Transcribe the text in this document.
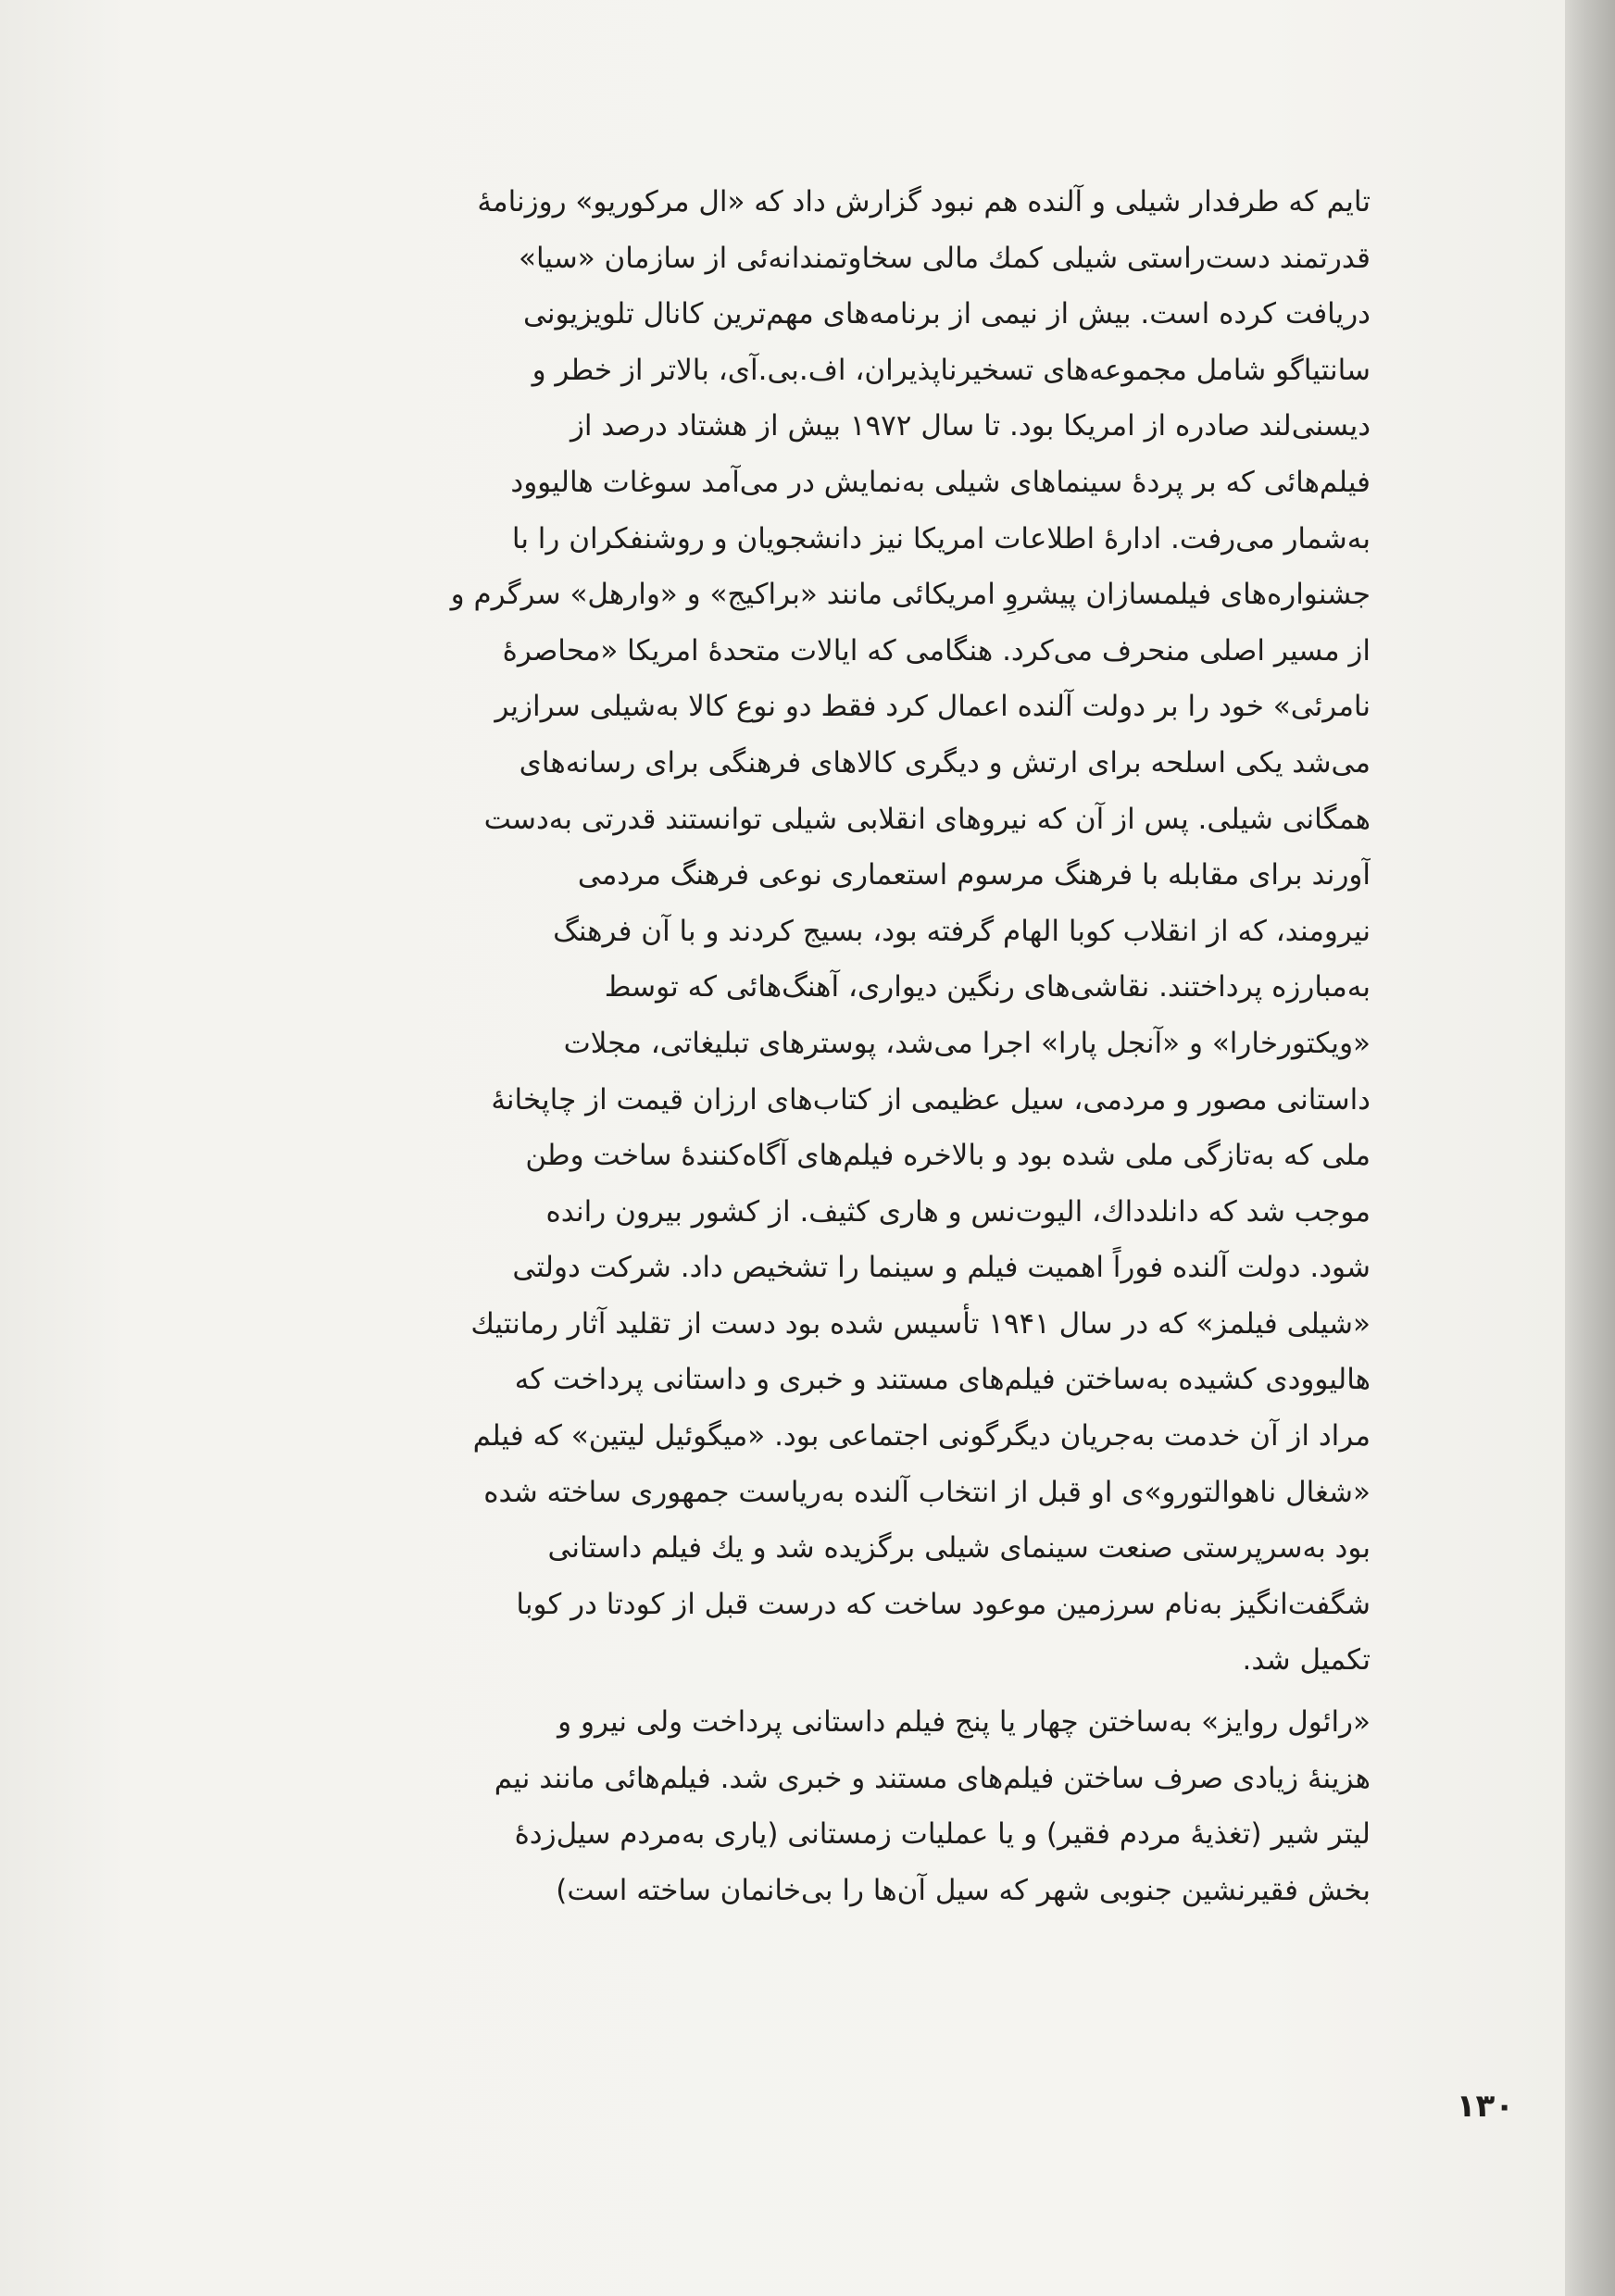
تایم که طرفدار شیلی و آلنده هم نبود گزارش داد که «ال مرکوریو» روزنامهٔ
قدرتمند دست‌راستی شیلی کمك مالی سخاوتمندانه‌ئی از سازمان «سیا»
دریافت کرده است. بیش از نیمی از برنامه‌های مهم‌ترین کانال تلویزیونی
سانتیاگو شامل مجموعه‌های تسخیرناپذیران، اف.بی.آی، بالاتر از خطر و
دیسنی‌لند صادره از امریکا بود. تا سال ۱۹۷۲ بیش از هشتاد درصد از
فیلم‌هائی که بر پردهٔ سینماهای شیلی به‌نمایش در می‌آمد سوغات هالیوود
به‌شمار می‌رفت. ادارهٔ اطلاعات امریکا نیز دانشجویان و روشنفکران را با
جشنواره‌های فیلمسازان پیشروِ امریکائی مانند «براکیج» و «وارهل» سرگرم و
از مسیر اصلی منحرف می‌کرد. هنگامی که ایالات متحدهٔ امریکا «محاصرهٔ
نامرئی» خود را بر دولت آلنده اعمال کرد فقط دو نوع کالا به‌شیلی سرازیر
می‌شد یکی اسلحه برای ارتش و دیگری کالاهای فرهنگی برای رسانه‌های
همگانی شیلی. پس از آن که نیروهای انقلابی شیلی توانستند قدرتی به‌دست
آورند برای مقابله با فرهنگ مرسوم استعماری نوعی فرهنگ مردمی
نیرومند، که از انقلاب کوبا الهام گرفته بود، بسیج کردند و با آن فرهنگ
به‌مبارزه پرداختند. نقاشی‌های رنگین دیواری، آهنگ‌هائی که توسط
«ویکتورخارا» و «آنجل پارا» اجرا می‌شد، پوسترهای تبلیغاتی، مجلات
داستانی مصور و مردمی، سیل عظیمی از کتاب‌های ارزان قیمت از چاپخانهٔ
ملی که به‌تازگی ملی شده بود و بالاخره فیلم‌های آگاه‌کنندهٔ ساخت وطن
موجب شد که دانلدداك، الیوت‌نس و هاری کثیف. از کشور بیرون رانده
شود. دولت آلنده فوراً اهمیت فیلم و سینما را تشخیص داد. شرکت دولتی
«شیلی فیلمز» که در سال ۱۹۴۱ تأسیس شده بود دست از تقلید آثار رمانتیك
هالیوودی کشیده به‌ساختن فیلم‌های مستند و خبری و داستانی پرداخت که
مراد از آن خدمت به‌جریان دیگرگونی اجتماعی بود. «میگوئیل لیتین» که فیلم
«شغال ناهوالتورو»ی او قبل از انتخاب آلنده به‌ریاست جمهوری ساخته شده
بود به‌سرپرستی صنعت سینمای شیلی برگزیده شد و یك فیلم داستانی
شگفت‌انگیز به‌نام سرزمین موعود ساخت که درست قبل از کودتا در کوبا
تکمیل شد.

«رائول روایز» به‌ساختن چهار یا پنج فیلم داستانی پرداخت ولی نیرو و
هزینهٔ زیادی صرف ساختن فیلم‌های مستند و خبری شد. فیلم‌هائی مانند نیم
لیتر شیر (تغذیهٔ مردم فقیر) و یا عملیات زمستانی (یاری به‌مردم سیل‌زدهٔ
بخش فقیرنشین جنوبی شهر که سیل آن‌ها را بی‌خانمان ساخته است)

۱۳۰
